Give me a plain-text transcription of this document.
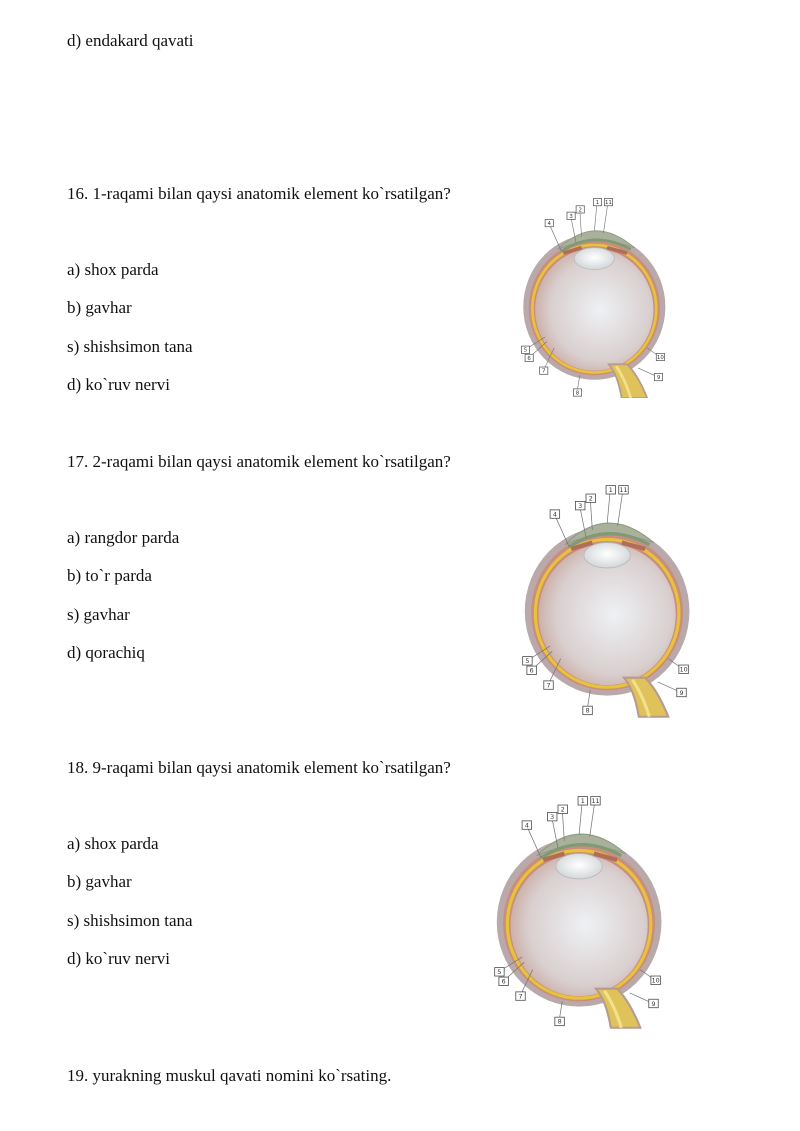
d) endakard qavati
16. 1-raqami bilan qaysi anatomik element ko`rsatilgan?
a) shox parda
b) gavhar
s) shishsimon tana
d) ko`ruv nervi
17. 2-raqami bilan qaysi anatomik element ko`rsatilgan?
a) rangdor parda
b) to`r parda
s) gavhar
d) qorachiq
18. 9-raqami bilan qaysi anatomik element ko`rsatilgan?
a) shox parda
b) gavhar
s) shishsimon tana
d) ko`ruv nervi
19. yurakning muskul qavati nomini ko`rsating.
1
2
3
4
5
6
7
8
9
10
11
1
2
3
4
5
6
7
8
9
10
11
1
2
3
4
5
6
7
8
9
10
11
